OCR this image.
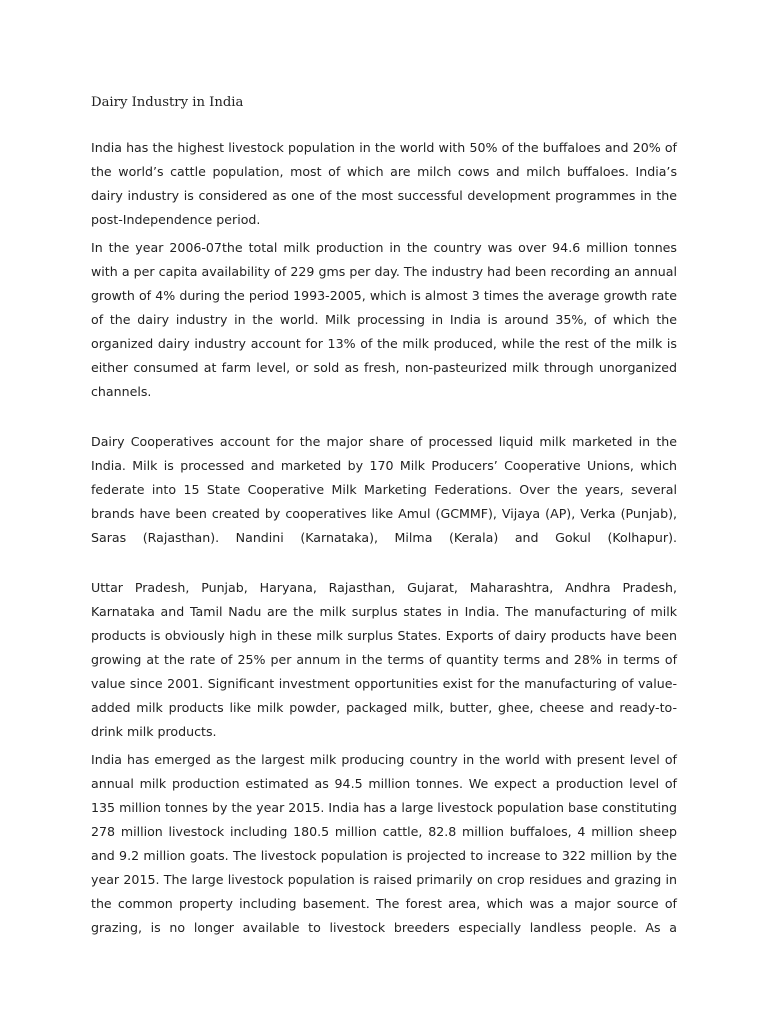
Dairy Industry in India

India has the highest livestock population in the world with 50% of the buffaloes and 20% of the world’s cattle population, most of which are milch cows and milch buffaloes. India’s dairy industry is considered as one of the most successful development programmes in the post-Independence period.

In the year 2006-07the total milk production in the country was over 94.6 million tonnes with a per capita availability of 229 gms per day. The industry had been recording an annual growth of 4% during the period 1993-2005, which is almost 3 times the average growth rate of the dairy industry in the world. Milk processing in India is around 35%, of which the organized dairy industry account for 13% of the milk produced, while the rest of the milk is either consumed at farm level, or sold as fresh, non-pasteurized milk through unorganized channels.

Dairy Cooperatives account for the major share of processed liquid milk marketed in the India. Milk is processed and marketed by 170 Milk Producers’ Cooperative Unions, which federate into 15 State Cooperative Milk Marketing Federations. Over the years, several brands have been created by cooperatives like Amul (GCMMF), Vijaya (AP), Verka (Punjab), Saras (Rajasthan). Nandini (Karnataka), Milma (Kerala) and Gokul (Kolhapur).

Uttar Pradesh, Punjab, Haryana, Rajasthan, Gujarat, Maharashtra, Andhra Pradesh, Karnataka and Tamil Nadu are the milk surplus states in India. The manufacturing of milk products is obviously high in these milk surplus States. Exports of dairy products have been growing at the rate of 25% per annum in the terms of quantity terms and 28% in terms of value since 2001. Significant investment opportunities exist for the manufacturing of value-added milk products like milk powder, packaged milk, butter, ghee, cheese and ready-to-drink milk products.

India has emerged as the largest milk producing country in the world with present level of annual milk production estimated as 94.5 million tonnes. We expect a production level of 135 million tonnes by the year 2015. India has a large livestock population base constituting 278 million livestock including 180.5 million cattle, 82.8 million buffaloes, 4 million sheep and 9.2 million goats. The livestock population is projected to increase to 322 million by the year 2015. The large livestock population is raised primarily on crop residues and grazing in the common property including basement. The forest area, which was a major source of grazing, is no longer available to livestock breeders especially landless people. As a
